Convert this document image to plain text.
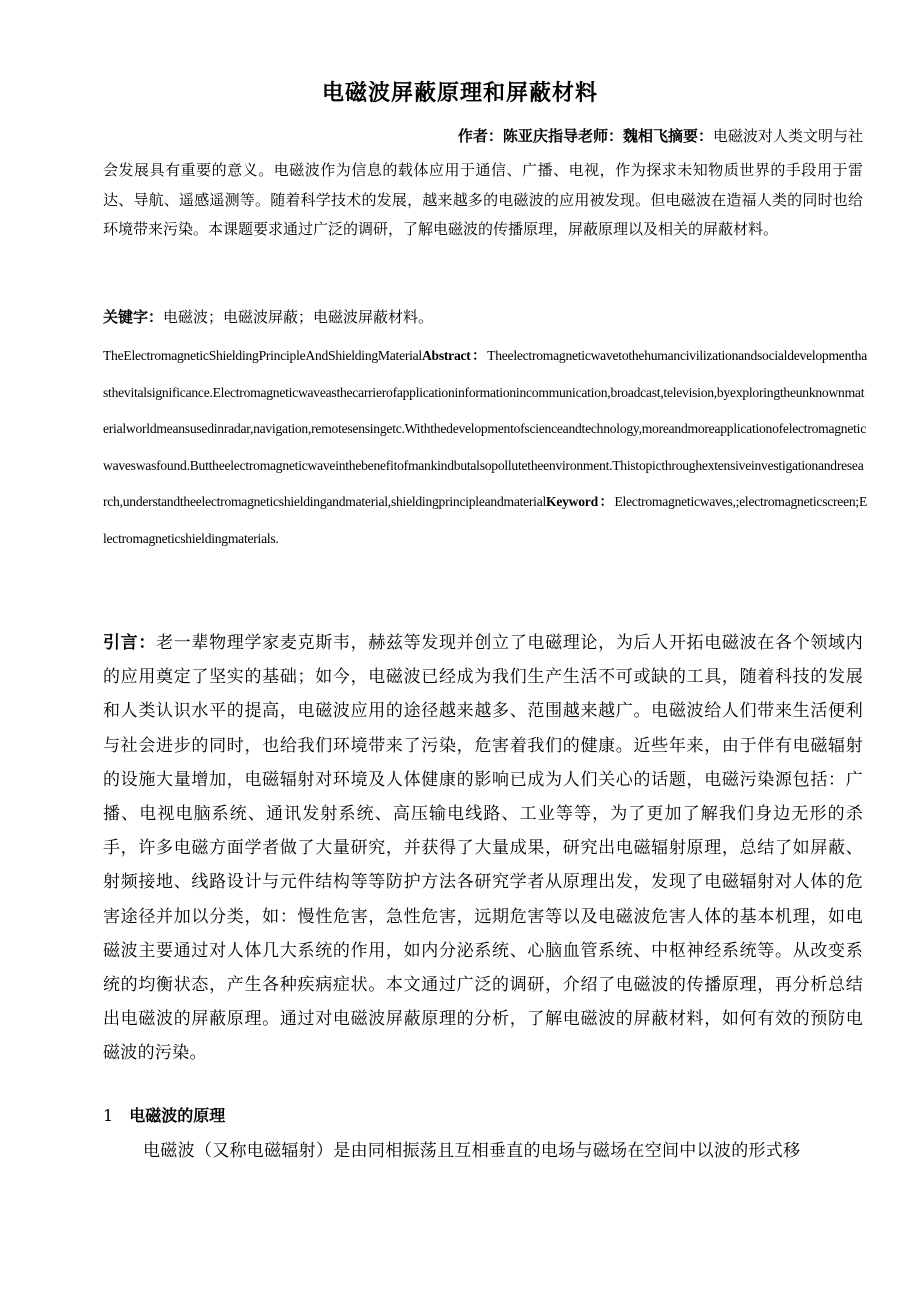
电磁波屏蔽原理和屏蔽材料
作者：陈亚庆指导老师：魏相飞摘要：电磁波对人类文明与社
会发展具有重要的意义。电磁波作为信息的载体应用于通信、广播、电视，作为探求未知物质世界的手段用于雷达、导航、遥感遥测等。随着科学技术的发展，越来越多的电磁波的应用被发现。但电磁波在造福人类的同时也给环境带来污染。本课题要求通过广泛的调研，了解电磁波的传播原理，屏蔽原理以及相关的屏蔽材料。
关键字：电磁波；电磁波屏蔽；电磁波屏蔽材料。
TheElectromagneticShieldingPrincipleAndShieldingMaterialAbstract：Theelectromagneticwavetothehumancivilizationandsocialdevelopmenthasthevitalsignificance.Electromagneticwaveasthecarrierofapplicationinformationincommunication,broadcast,television,byexploringtheunknownmaterialworldmeansusedinradar,navigation,remotesensingetc.Withthedevelopmentofscienceandtechnology,moreandmoreapplicationofelectromagneticwaveswasfound.Buttheelectromagneticwaveinthebenefitofmankindbutalsopollutetheenvironment.Thistopicthroughextensiveinvestigationandresearch,understandtheelectromagneticshieldingandmaterial,shieldingprincipleandmaterialKeyword：Electromagneticwaves,;electromagneticscreen;Electromagneticshieldingmaterials.
引言：老一辈物理学家麦克斯韦，赫兹等发现并创立了电磁理论，为后人开拓电磁波在各个领域内的应用奠定了坚实的基础；如今，电磁波已经成为我们生产生活不可或缺的工具，随着科技的发展和人类认识水平的提高，电磁波应用的途径越来越多、范围越来越广。电磁波给人们带来生活便利与社会进步的同时，也给我们环境带来了污染，危害着我们的健康。近些年来，由于伴有电磁辐射的设施大量增加，电磁辐射对环境及人体健康的影响已成为人们关心的话题，电磁污染源包括：广播、电视电脑系统、通讯发射系统、高压输电线路、工业等等，为了更加了解我们身边无形的杀手，许多电磁方面学者做了大量研究，并获得了大量成果，研究出电磁辐射原理，总结了如屏蔽、射频接地、线路设计与元件结构等等防护方法各研究学者从原理出发，发现了电磁辐射对人体的危害途径并加以分类，如：慢性危害，急性危害，远期危害等以及电磁波危害人体的基本机理，如电磁波主要通过对人体几大系统的作用，如内分泌系统、心脑血管系统、中枢神经系统等。从改变系统的均衡状态，产生各种疾病症状。本文通过广泛的调研，介绍了电磁波的传播原理，再分析总结出电磁波的屏蔽原理。通过对电磁波屏蔽原理的分析，了解电磁波的屏蔽材料，如何有效的预防电磁波的污染。
1 电磁波的原理
电磁波（又称电磁辐射）是由同相振荡且互相垂直的电场与磁场在空间中以波的形式移
